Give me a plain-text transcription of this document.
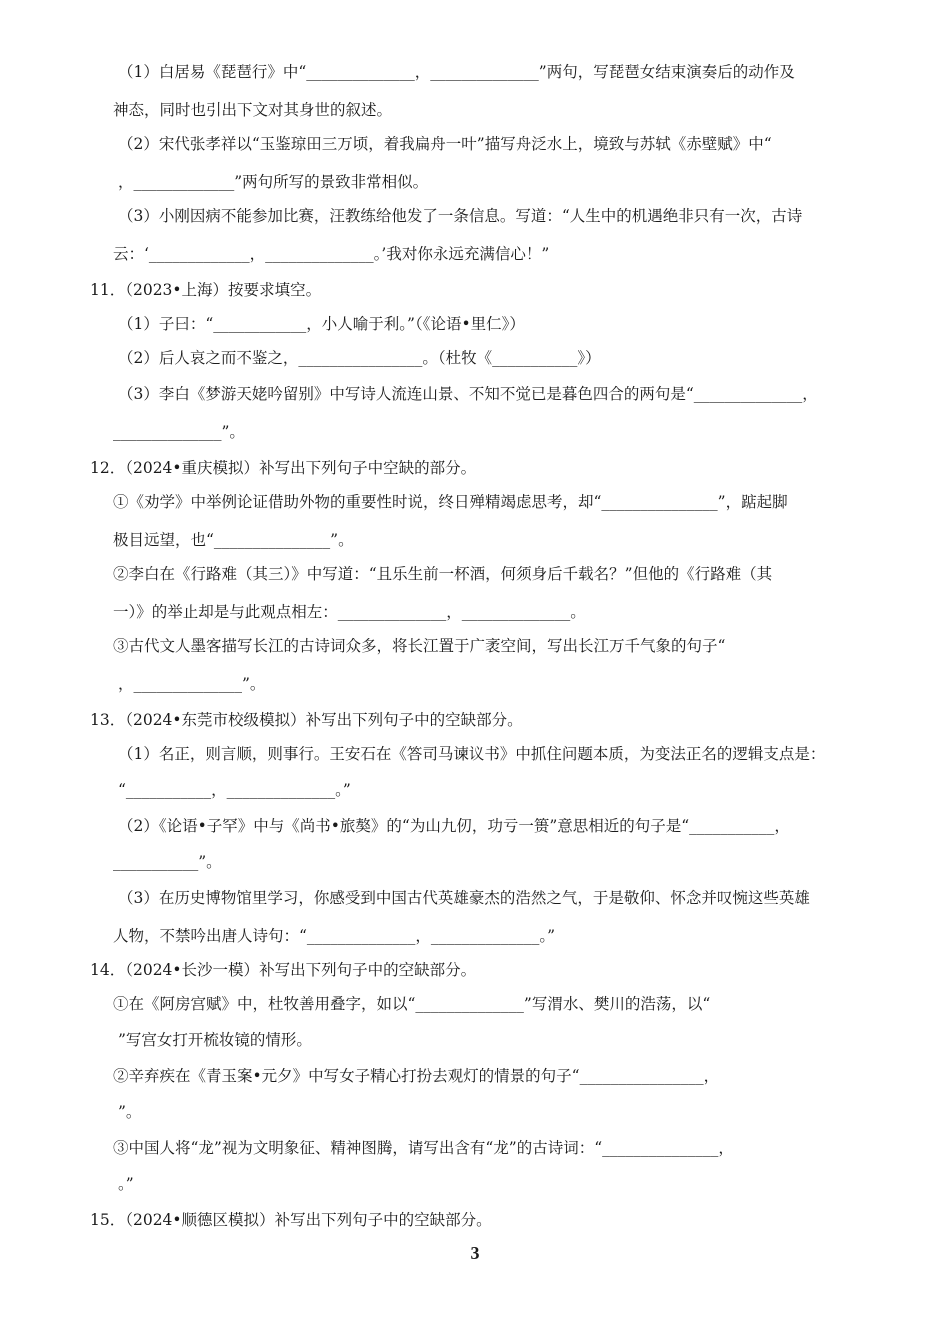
（1）白居易《琵琶行》中“______________，______________”两句，写琵琶女结束演奏后的动作及
神态，同时也引出下文对其身世的叙述。
（2）宋代张孝祥以“玉鉴琼田三万顷，着我扁舟一叶”描写舟泛水上，境致与苏轼《赤壁赋》中“
，_____________”两句所写的景致非常相似。
（3）小刚因病不能参加比赛，汪教练给他发了一条信息。写道：“人生中的机遇绝非只有一次，古诗
云：‘_____________，______________。’我对你永远充满信心！”
11．（2023•上海）按要求填空。
（1）子曰：“____________，小人喻于利。”（《论语•里仁》）
（2）后人哀之而不鉴之，________________。（杜牧《___________》）
（3）李白《梦游天姥吟留别》中写诗人流连山景、不知不觉已是暮色四合的两句是“______________，
______________”。
12．（2024•重庆模拟）补写出下列句子中空缺的部分。
①《劝学》中举例论证借助外物的重要性时说，终日殚精竭虑思考，却“_______________”，踮起脚
极目远望，也“_______________”。
②李白在《行路难（其三）》中写道：“且乐生前一杯酒，何须身后千载名？”但他的《行路难（其
一）》的举止却是与此观点相左：______________，______________。
③古代文人墨客描写长江的古诗词众多，将长江置于广袤空间，写出长江万千气象的句子“
，______________”。
13．（2024•东莞市校级模拟）补写出下列句子中的空缺部分。
（1）名正，则言顺，则事行。王安石在《答司马谏议书》中抓住问题本质，为变法正名的逻辑支点是：
“___________，______________。”
（2）《论语•子罕》中与《尚书•旅獒》的“为山九仞，功亏一篑”意思相近的句子是“___________，
___________”。
（3）在历史博物馆里学习，你感受到中国古代英雄豪杰的浩然之气，于是敬仰、怀念并叹惋这些英雄
人物，不禁吟出唐人诗句：“______________，______________。”
14．（2024•长沙一模）补写出下列句子中的空缺部分。
①在《阿房宫赋》中，杜牧善用叠字，如以“______________”写渭水、樊川的浩荡，以“
”写宫女打开梳妆镜的情形。
②辛弃疾在《青玉案•元夕》中写女子精心打扮去观灯的情景的句子“________________，
”。
③中国人将“龙”视为文明象征、精神图腾，请写出含有“龙”的古诗词：“_______________，
。”
15．（2024•顺德区模拟）补写出下列句子中的空缺部分。
3
